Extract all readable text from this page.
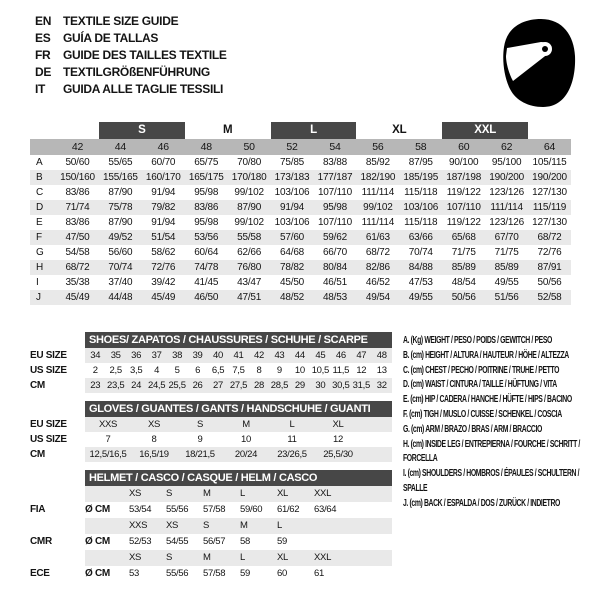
EN TEXTILE SIZE GUIDE
ES	GUÍA DE TALLAS
FR	GUIDE DES TAILLES TEXTILE
DE TEXTILGRÖßENFÜHRUNG
IT	GUIDA ALLE TAGLIE TESSILI
S	M	L	XL	XXL
42	44	46	48	50	52	54	56	58	60	62	64
A	50/60	55/65	60/70	65/75	70/80	75/85	83/88	85/92	87/95	90/100	95/100	105/115
B	150/160 155/165 160/170 165/175 170/180 173/183 177/187 182/190 185/195 187/198 190/200 190/200
C	83/86	87/90	91/94	95/98	99/102	103/106 107/110 111/114	115/118 119/122 123/126 127/130
D	71/74	75/78	79/82	83/86	87/90	91/94	95/98	99/102	103/106 107/110 111/114	115/119
E	83/86	87/90	91/94	95/98	99/102	103/106 107/110 111/114	115/118 119/122 123/126 127/130
F	47/50	49/52	51/54	53/56	55/58	57/60	59/62	61/63	63/66	65/68	67/70	68/72
G	54/58	56/60	58/62	60/64	62/66	64/68	66/70	68/72	70/74	71/75	71/75	72/76
H	68/72	70/74	72/76	74/78	76/80	78/82	80/84	82/86	84/88	85/89	85/89	87/91
I	35/38	37/40	39/42	41/45	43/47	45/50	46/51	46/52	47/53	48/54	49/55	50/56
J	45/49	44/48	45/49	46/50	47/51	48/52	48/53	49/54	49/55	50/56	51/56	52/58
SHOES/ ZAPATOS / CHAUSSURES / SCHUHE / SCARPE
EU SIZE	34	35	36	37	38	39	40	41	42	43	44	45	46	47	48
US SIZE	2	2,5 3,5	4	5	6	6,5 7,5	8	9	10 10,5 11,5 12	13
CM	23 23,5 24 24,5 25,5 26	27 27,5 28 28,5 29	30 30,5 31,5 32
GLOVES / GUANTES / GANTS / HANDSCHUHE / GUANTI
EU SIZE	XXS	XS	S	M	L	XL
US SIZE	7	8	9	10	11	12
CM	12,5/16,5	16,5/19	18/21,5	20/24	23/26,5	25,5/30
HELMET / CASCO / CASQUE / HELM / CASCO
XS	S	M	L	XL	XXL
FIA	Ø CM	53/54	55/56	57/58	59/60	61/62	63/64
XXS	XS	S	M	L
CMR	Ø CM	52/53	54/55	56/57	58	59
XS	S	M	L	XL	XXL
ECE	Ø CM	53	55/56	57/58	59	60	61
A. (Kg) WEIGHT / PESO / POIDS / GEWITCH / PESO
B. (cm) HEIGHT / ALTURA / HAUTEUR / HÖHE / ALTEZZA
C. (cm) CHEST / PECHO / POITRINE / TRUHE / PETTO
D. (cm) WAIST / CINTURA / TAILLE / HÜFTUNG / VITA
E. (cm) HIP / CADERA / HANCHE / HÜFTE / HIPS / BACINO
F. (cm) TIGH / MUSLO / CUISSE / SCHENKEL / COSCIA
G. (cm) ARM / BRAZO / BRAS / ARM / BRACCIO
H. (cm) INSIDE LEG / ENTREPIERNA / FOURCHE / SCHRITT / FORCELLA
I. (cm) SHOULDERS / HOMBROS / ÉPAULES / SCHULTERN / SPALLE
J. (cm) BACK / ESPALDA / DOS / ZURÜCK / INDIETRO
